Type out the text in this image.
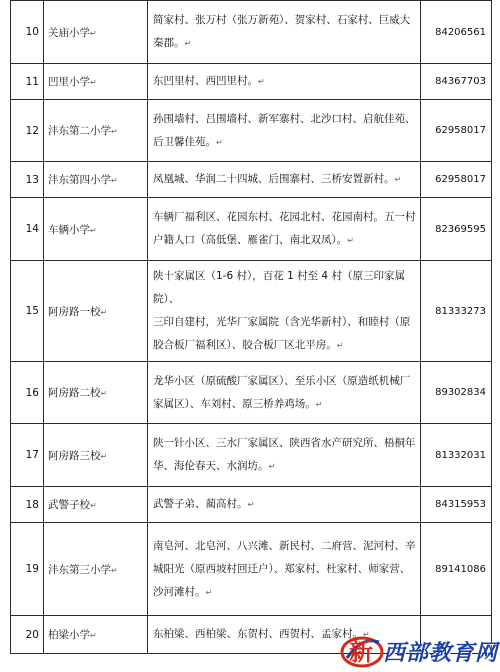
10	关庙小学↵	简家村、张万村（张万新苑）、贺家村、石家村、巨威大
秦郡。↵	84206561
11	凹里小学↵	东凹里村、西凹里村。↵	84367703
12	沣东第二小学↵	孙围墙村、吕围墙村、新军寨村、北沙口村、启航佳苑、
后卫馨佳苑。↵	62958017
13	沣东第四小学↵	凤凰城、华润二十四城、后围寨村、三桥安置新村。↵	62958017
14	车辆小学↵	车辆厂福利区、花园东村、花园北村、花园南村。五一村
户籍人口（高低堡、雁雀门、南北双凤）。↵	82369595
15	阿房路一校↵	陕十家属区（1-6 村），百花 1 村至 4 村（原三印家属院）、
三印自建村，光华厂家属院（含光华新村）、和睦村（原
胶合板厂福利区）、胶合板厂区北平房。↵	81333273
16	阿房路二校↵	龙华小区（原硫酸厂家属区）、至乐小区（原造纸机械厂
家属区）、车刘村、原三桥养鸡场。↵	89302834
17	阿房路三校↵	陕一针小区、三水厂家属区、陕西省水产研究所、梧桐年
华、海伦春天、水润坊。↵	81332031
18	武警子校↵	武警子弟、蔺高村。↵	84315953
19	沣东第三小学↵	南皂河、北皂河、八兴滩、新民村、二府营、泥河村、辛
城阳光（原西坡村回迁户）、郑家村、杜家村、师家营、
沙河滩村。↵	89141086
20	柏梁小学↵	东柏梁、西柏梁、东贺村、西贺村、孟家村。↵	

新 西部教育网
